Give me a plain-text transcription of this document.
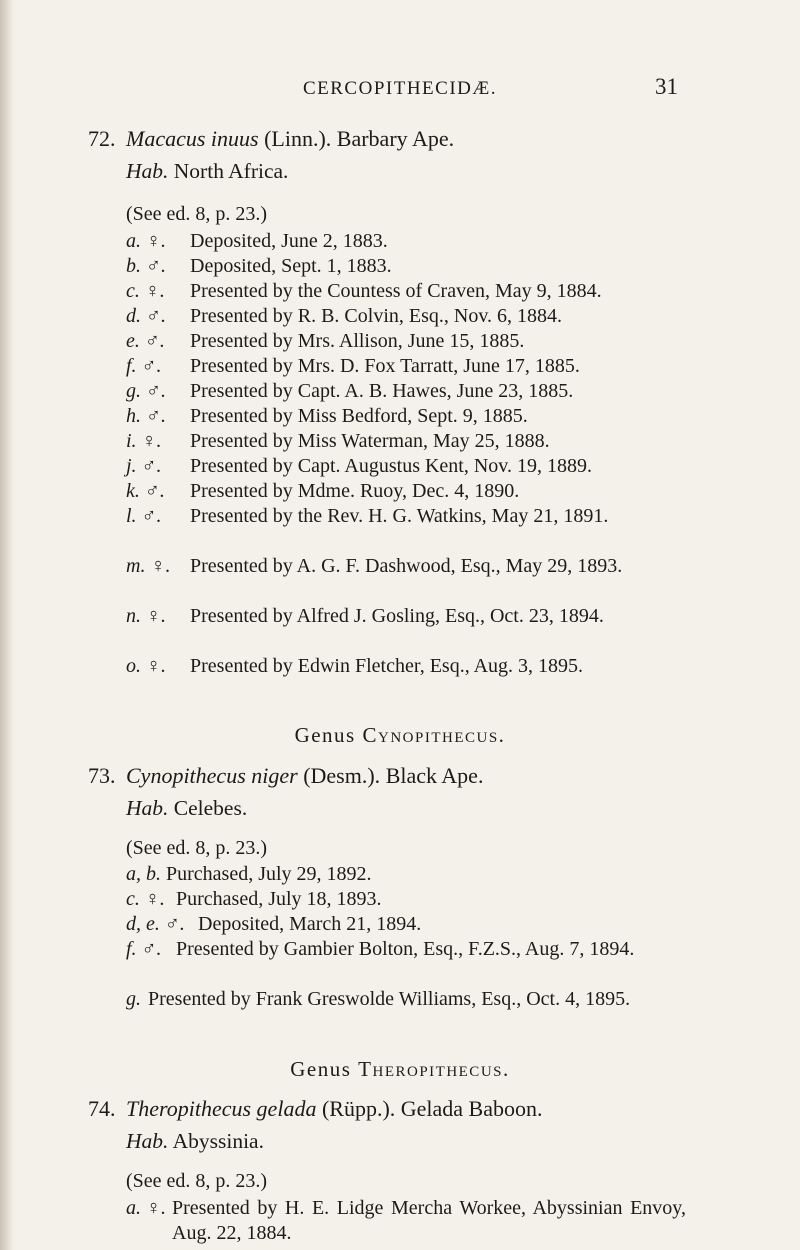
CERCOPITHECIDÆ.	31
72. Macacus inuus (Linn.). Barbary Ape.
Hab. North Africa.
(See ed. 8, p. 23.)
a. ♀. Deposited, June 2, 1883.
b. ♂. Deposited, Sept. 1, 1883.
c. ♀. Presented by the Countess of Craven, May 9, 1884.
d. ♂. Presented by R. B. Colvin, Esq., Nov. 6, 1884.
e. ♂. Presented by Mrs. Allison, June 15, 1885.
f. ♂. Presented by Mrs. D. Fox Tarratt, June 17, 1885.
g. ♂. Presented by Capt. A. B. Hawes, June 23, 1885.
h. ♂. Presented by Miss Bedford, Sept. 9, 1885.
i. ♀. Presented by Miss Waterman, May 25, 1888.
j. ♂. Presented by Capt. Augustus Kent, Nov. 19, 1889.
k. ♂. Presented by Mdme. Ruoy, Dec. 4, 1890.
l. ♂. Presented by the Rev. H. G. Watkins, May 21, 1891.
m. ♀. Presented by A. G. F. Dashwood, Esq., May 29, 1893.
n. ♀. Presented by Alfred J. Gosling, Esq., Oct. 23, 1894.
o. ♀. Presented by Edwin Fletcher, Esq., Aug. 3, 1895.
Genus Cynopithecus.
73. Cynopithecus niger (Desm.). Black Ape.
Hab. Celebes.
(See ed. 8, p. 23.)
a, b. Purchased, July 29, 1892.
c. ♀. Purchased, July 18, 1893.
d, e. ♂. Deposited, March 21, 1894.
f. ♂. Presented by Gambier Bolton, Esq., F.Z.S., Aug. 7, 1894.
g. Presented by Frank Greswolde Williams, Esq., Oct. 4, 1895.
Genus Theropithecus.
74. Theropithecus gelada (Rüpp.). Gelada Baboon.
Hab. Abyssinia.
(See ed. 8, p. 23.)
a. ♀. Presented by H. E. Lidge Mercha Workee, Abyssinian Envoy, Aug. 22, 1884.
